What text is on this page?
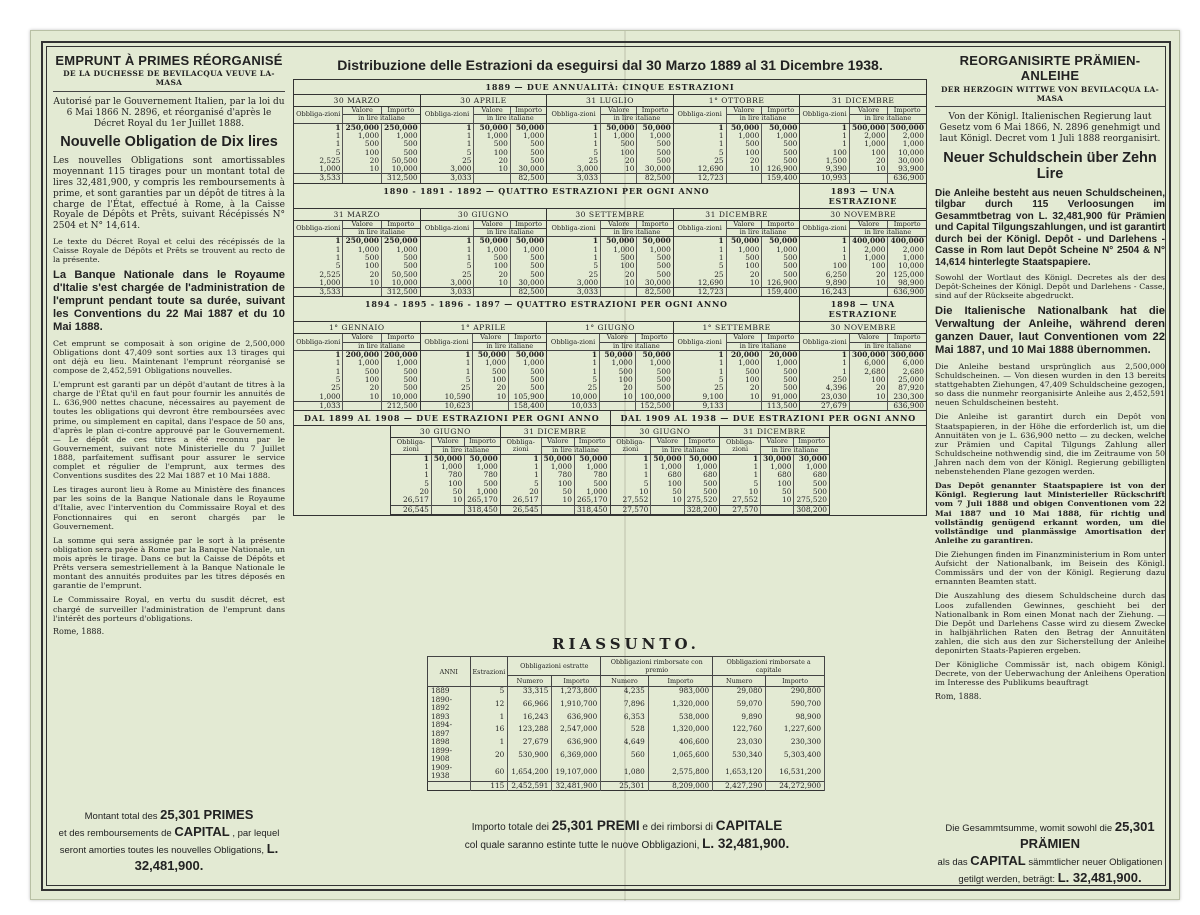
EMPRUNT À PRIMES RÉORGANISÉ
DE LA DUCHESSE DE BEVILACQUA VEUVE LA-MASA
Autorisé par le Gouvernement Italien, par la loi du 6 Mai 1866 N. 2896, et réorganisé d'après le Décret Royal du 1er Juillet 1888.
Nouvelle Obligation de Dix lires
Les nouvelles Obligations sont amortissables moyennant 115 tirages pour un montant total de lires 32,481,900, y compris les remboursements à prime, et sont garanties par un dépôt de titres à la charge de l'État, effectué à Rome, à la Caisse Royale de Dépôts et Prêts, suivant Récépissés N° 2504 et N° 14,614.
Le texte du Décret Royal et celui des récépissés de la Caisse Royale de Dépôts et Prêts se trouvent au recto de la présente.
La Banque Nationale dans le Royaume d'Italie s'est chargée de l'administration de l'emprunt pendant toute sa durée, suivant les Conventions du 22 Mai 1887 et du 10 Mai 1888.
Cet emprunt se composait à son origine de 2,500,000 Obligations dont 47,409 sont sorties aux 13 tirages qui ont déjà eu lieu. Maintenant l'emprunt réorganisé se compose de 2,452,591 Obligations nouvelles.
L'emprunt est garanti par un dépôt d'autant de titres à la charge de l'État qu'il en faut pour fournir les annuités de L. 636,900 nettes chacune, nécessaires au payement de toutes les obligations qui devront être remboursées avec prime, ou simplement en capital, dans l'espace de 50 ans, d'après le plan ci-contre approuvé par le Gouvernement. — Le dépôt de ces titres a été reconnu par le Gouvernement, suivant note Ministerielle du 7 Juillet 1888, parfaitement suffisant pour assurer le service complet et régulier de l'emprunt, aux termes des Conventions susdites des 22 Mai 1887 et 10 Mai 1888.
Les tirages auront lieu à Rome au Ministère des finances par les soins de la Banque Nationale dans le Royaume d'Italie, avec l'intervention du Commissaire Royal et des Fonctionnaires qui en seront chargés par le Gouvernement.
La somme qui sera assignée par le sort à la présente obligation sera payée à Rome par la Banque Nationale, un mois après le tirage. Dans ce but la Caisse de Dépôts et Prêts versera semestriellement à la Banque Nationale le montant des annuités produites par les titres déposés en garantie de l'emprunt.
Le Commissaire Royal, en vertu du susdit décret, est chargé de surveiller l'administration de l'emprunt dans l'intérêt des porteurs d'obligations.
Rome, 1888.
Montant total des 25,301 PRIMES
et des remboursements de CAPITAL , par lequel seront amorties toutes les nouvelles Obligations, L. 32,481,900.
REORGANISIRTE PRÄMIEN-ANLEIHE
DER HERZOGIN WITTWE VON BEVILACQUA LA-MASA
Von der Königl. Italienischen Regierung laut Gesetz vom 6 Mai 1866, N. 2896 genehmigt und laut Königl. Decret vom 1 Juli 1888 reorganisirt.
Neuer Schuldschein über Zehn Lire
Die Anleihe besteht aus neuen Schuldscheinen, tilgbar durch 115 Verloosungen im Gesammtbetrag von L. 32,481,900 für Prämien und Capital Tilgungszahlungen, und ist garantirt durch bei der Königl. Depôt - und Darlehens - Casse in Rom laut Depôt Scheine N° 2504 & N° 14,614 hinterlegte Staatspapiere.
Sowohl der Wortlaut des Königl. Decretes als der des Depôt-Scheines der Königl. Depôt und Darlehens - Casse, sind auf der Rückseite abgedruckt.
Die Italienische Nationalbank hat die Verwaltung der Anleihe, während deren ganzen Dauer, laut Conventionen vom 22 Mai 1887, und 10 Mai 1888 übernommen.
Die Anleihe bestand ursprünglich aus 2,500,000 Schuldscheinen. — Von diesen wurden in den 13 bereits stattgehabten Ziehungen, 47,409 Schuldscheine gezogen, so dass die nunmehr reorganisirte Anleihe aus 2,452,591 neuen Schuldscheinen besteht.
Die Anleihe ist garantirt durch ein Depôt von Staatspapieren, in der Höhe die erforderlich ist, um die Annuitäten von je L. 636,900 netto — zu decken, welche zur Prämien und Capital Tilgungs Zahlung aller Schuldscheine nothwendig sind, die im Zeitraume von 50 Jahren nach dem von der Königl. Regierung gebilligten nebenstehenden Plane gezogen werden.
Das Depôt genannter Staatspapiere ist von der Königl. Regierung laut Ministerieller Rückschrift vom 7 Juli 1888 und obigen Conventionen vom 22 Mai 1887 und 10 Mai 1888, für richtig und vollständig genügend erkannt worden, um die vollständige und planmässige Amortisation der Anleihe zu garantiren.
Die Ziehungen finden im Finanzministerium in Rom unter Aufsicht der Nationalbank, im Beisein des Königl. Commissärs und der von der Königl. Regierung dazu ernannten Beamten statt.
Die Auszahlung des diesem Schuldscheine durch das Loos zufallenden Gewinnes, geschieht bei der Nationalbank in Rom einen Monat nach der Ziehung. — Die Depôt und Darlehens Casse wird zu diesem Zwecke in halbjährlichen Raten den Betrag der Annuitäten zahlen, die sich aus den zur Sicherstellung der Anleihe deponirten Staats-Papieren ergeben.
Der Königliche Commissär ist, nach obigem Königl. Decrete, von der Ueberwachung der Anleihens Operation im Interesse des Publikums beauftragt
Rom, 1888.
Die Gesammtsumme, womit sowohl die 25,301 PRÄMIEN
als das CAPITAL sämmtlicher neuer Obligationen getilgt werden, beträgt: L. 32,481,900.
Distribuzione delle Estrazioni da eseguirsi dal 30 Marzo 1889 al 31 Dicembre 1938.
1889 — DUE ANNUALITÀ: CINQUE ESTRAZIONI
30 MARZO
Obbliga-zioni	Valore	Importo
	in lire italiane	
1	250,000	250,000
1	1,000	1,000
1	500	500
5	100	500
2,525	20	50,500
1,000	10	10,000
3,533		312,500
30 APRILE
Obbliga-zioni	Valore	Importo
	in lire italiane	
1	50,000	50,000
1	1,000	1,000
1	500	500
5	100	500
25	20	500
3,000	10	30,000
3,033		82,500
31 LUGLIO
Obbliga-zioni	Valore	Importo
	in lire italiane	
1	50,000	50,000
1	1,000	1,000
1	500	500
5	100	500
25	20	500
3,000	10	30,000
3,033		82,500
1° OTTOBRE
Obbliga-zioni	Valore	Importo
	in lire italiane	
1	50,000	50,000
1	1,000	1,000
1	500	500
5	100	500
25	20	500
12,690	10	126,900
12,723		159,400
31 DICEMBRE
Obbliga-zioni	Valore	Importo
	in lire italiane	
1	500,000	500,000
1	2,000	2,000
1	1,000	1,000
100	100	10,000
1,500	20	30,000
9,390	10	93,900
10,993		636,900
1890 - 1891 - 1892 — QUATTRO ESTRAZIONI PER OGNI ANNO	1893 — UNA ESTRAZIONE
31 MARZO
Obbliga-zioni	Valore	Importo
	in lire italiane	
1	250,000	250,000
1	1,000	1,000
1	500	500
5	100	500
2,525	20	50,500
1,000	10	10,000
3,533		312,500
30 GIUGNO
Obbliga-zioni	Valore	Importo
	in lire italiane	
1	50,000	50,000
1	1,000	1,000
1	500	500
5	100	500
25	20	500
3,000	10	30,000
3,033		82,500
30 SETTEMBRE
Obbliga-zioni	Valore	Importo
	in lire italiane	
1	50,000	50,000
1	1,000	1,000
1	500	500
5	100	500
25	20	500
3,000	10	30,000
3,033		82,500
31 DICEMBRE
Obbliga-zioni	Valore	Importo
	in lire italiane	
1	50,000	50,000
1	1,000	1,000
1	500	500
5	100	500
25	20	500
12,690	10	126,900
12,723		159,400
30 NOVEMBRE
Obbliga-zioni	Valore	Importo
	in lire italiane	
1	400,000	400,000
1	2,000	2,000
1	1,000	1,000
100	100	10,000
6,250	20	125,000
9,890	10	98,900
16,243		636,900
1894 - 1895 - 1896 - 1897 — QUATTRO ESTRAZIONI PER OGNI ANNO	1898 — UNA ESTRAZIONE
1° GENNAIO
Obbliga-zioni	Valore	Importo
	in lire italiane	
1	200,000	200,000
1	1,000	1,000
1	500	500
5	100	500
25	20	500
1,000	10	10,000
1,033		212,500
1° APRILE
Obbliga-zioni	Valore	Importo
	in lire italiane	
1	50,000	50,000
1	1,000	1,000
1	500	500
5	100	500
25	20	500
10,590	10	105,900
10,623		158,400
1° GIUGNO
Obbliga-zioni	Valore	Importo
	in lire italiane	
1	50,000	50,000
1	1,000	1,000
1	500	500
5	100	500
25	20	500
10,000	10	100,000
10,033		152,500
1° SETTEMBRE
Obbliga-zioni	Valore	Importo
	in lire italiane	
1	20,000	20,000
1	1,000	1,000
1	500	500
5	100	500
25	20	500
9,100	10	91,000
9,133		113,500
30 NOVEMBRE
Obbliga-zioni	Valore	Importo
	in lire italiane	
1	300,000	300,000
1	6,000	6,000
1	2,680	2,680
250	100	25,000
4,396	20	87,920
23,030	10	230,300
27,679		636,900
DAL 1899 AL 1908 — DUE ESTRAZIONI PER OGNI ANNO	DAL 1909 AL 1938 — DUE ESTRAZIONI PER OGNI ANNO
30 GIUGNO
Obbliga-zioni	Valore	Importo
	in lire italiane	
1	50,000	50,000
1	1,000	1,000
1	780	780
5	100	500
20	50	1,000
26,517	10	265,170
26,545		318,450
31 DICEMBRE
Obbliga-zioni	Valore	Importo
	in lire italiane	
1	50,000	50,000
1	1,000	1,000
1	780	780
5	100	500
20	50	1,000
26,517	10	265,170
26,545		318,450
30 GIUGNO
Obbliga-zioni	Valore	Importo
	in lire italiane	
1	50,000	50,000
1	1,000	1,000
1	680	680
5	100	500
10	50	500
27,552	10	275,520
27,570		328,200
31 DICEMBRE
Obbliga-zioni	Valore	Importo
	in lire italiane	
1	30,000	30,000
1	1,000	1,000
1	680	680
5	100	500
10	50	500
27,552	10	275,520
27,570		308,200
RIASSUNTO.
ANNI	Estrazioni	Obbligazioni estratte		Obbligazioni rimborsate con premio		Obbligazioni rimborsate a capitale	
		Numero	Importo	Numero	Importo	Numero	Importo
1889	5	33,315	1,273,800	4,235	983,000	29,080	290,800
1890-1892	12	66,966	1,910,700	7,896	1,320,000	59,070	590,700
1893	1	16,243	636,900	6,353	538,000	9,890	98,900
1894-1897	16	123,288	2,547,000	528	1,320,000	122,760	1,227,600
1898	1	27,679	636,900	4,649	406,600	23,030	230,300
1899-1908	20	530,900	6,369,000	560	1,065,600	530,340	5,303,400
1909-1938	60	1,654,200	19,107,000	1,080	2,575,800	1,653,120	16,531,200
	115	2,452,591	32,481,900	25,301	8,209,000	2,427,290	24,272,900
Importo totale dei 25,301 PREMI e dei rimborsi di CAPITALE
col quale saranno estinte tutte le nuove Obbligazioni, L. 32,481,900.
